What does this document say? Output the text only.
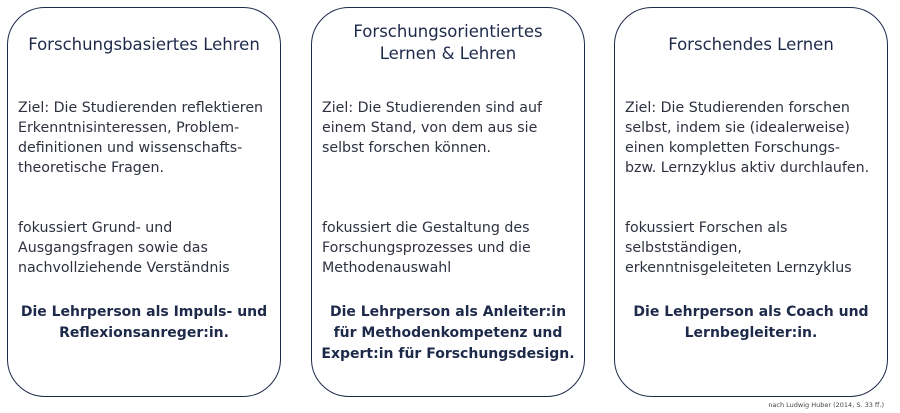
Forschungsbasiertes Lehren
Ziel: Die Studierenden reflektieren
Erkenntnisinteressen, Problem-
definitionen und wissenschafts-
theoretische Fragen.
fokussiert Grund- und
Ausgangsfragen sowie das
nachvollziehende Verständnis
Die Lehrperson als Impuls- und
Reflexionsanreger:in.
Forschungsorientiertes
Lernen & Lehren
Ziel: Die Studierenden sind auf
einem Stand, von dem aus sie
selbst forschen können.
fokussiert die Gestaltung des
Forschungsprozesses und die
Methodenauswahl
Die Lehrperson als Anleiter:in
für Methodenkompetenz und
Expert:in für Forschungsdesign.
Forschendes Lernen
Ziel: Die Studierenden forschen
selbst, indem sie (idealerweise)
einen kompletten Forschungs-
bzw. Lernzyklus aktiv durchlaufen.
fokussiert Forschen als
selbstständigen,
erkenntnisgeleiteten Lernzyklus
Die Lehrperson als Coach und
Lernbegleiter:in.
nach Ludwig Huber (2014, S. 33 ff.)
